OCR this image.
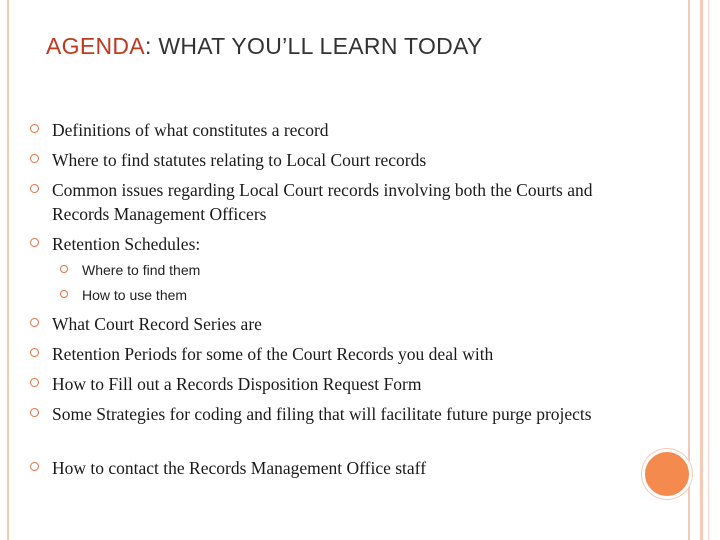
AGENDA: WHAT YOU’LL LEARN TODAY
Definitions of what constitutes a record
Where to find statutes relating to Local Court records
Common issues regarding Local Court records involving both the Courts and Records Management Officers
Retention Schedules:
Where to find them
How to use them
What Court Record Series are
Retention Periods for some of the Court Records you deal with
How to Fill out a Records Disposition Request Form
Some Strategies for coding and filing that will facilitate future purge projects
How to contact the Records Management Office staff
